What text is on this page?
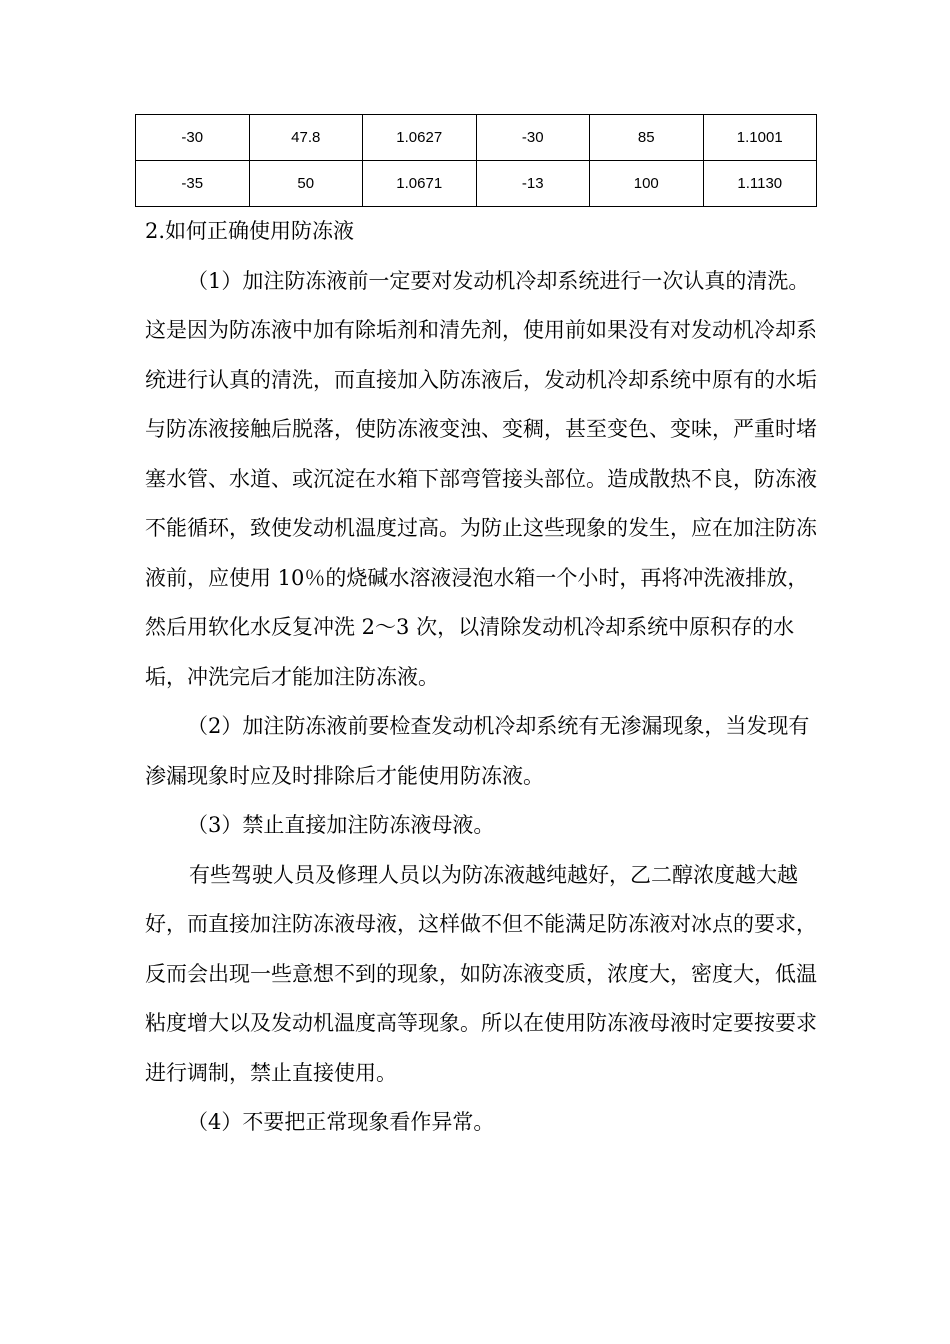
-30	47.8	1.0627	-30	85	1.1001
-35	50	1.0671	-13	100	1.1130

2.如何正确使用防冻液

（1）加注防冻液前一定要对发动机冷却系统进行一次认真的清洗。

这是因为防冻液中加有除垢剂和清先剂，使用前如果没有对发动机冷却系统进行认真的清洗，而直接加入防冻液后，发动机冷却系统中原有的水垢与防冻液接触后脱落，使防冻液变浊、变稠，甚至变色、变味，严重时堵塞水管、水道、或沉淀在水箱下部弯管接头部位。造成散热不良，防冻液不能循环，致使发动机温度过高。为防止这些现象的发生，应在加注防冻液前，应使用 10％的烧碱水溶液浸泡水箱一个小时，再将冲洗液排放，然后用软化水反复冲洗 2～3 次，以清除发动机冷却系统中原积存的水垢，冲洗完后才能加注防冻液。

（2）加注防冻液前要检查发动机冷却系统有无渗漏现象，当发现有渗漏现象时应及时排除后才能使用防冻液。

（3）禁止直接加注防冻液母液。

有些驾驶人员及修理人员以为防冻液越纯越好，乙二醇浓度越大越好，而直接加注防冻液母液，这样做不但不能满足防冻液对冰点的要求，反而会出现一些意想不到的现象，如防冻液变质，浓度大，密度大，低温粘度增大以及发动机温度高等现象。所以在使用防冻液母液时定要按要求进行调制，禁止直接使用。

（4）不要把正常现象看作异常。
